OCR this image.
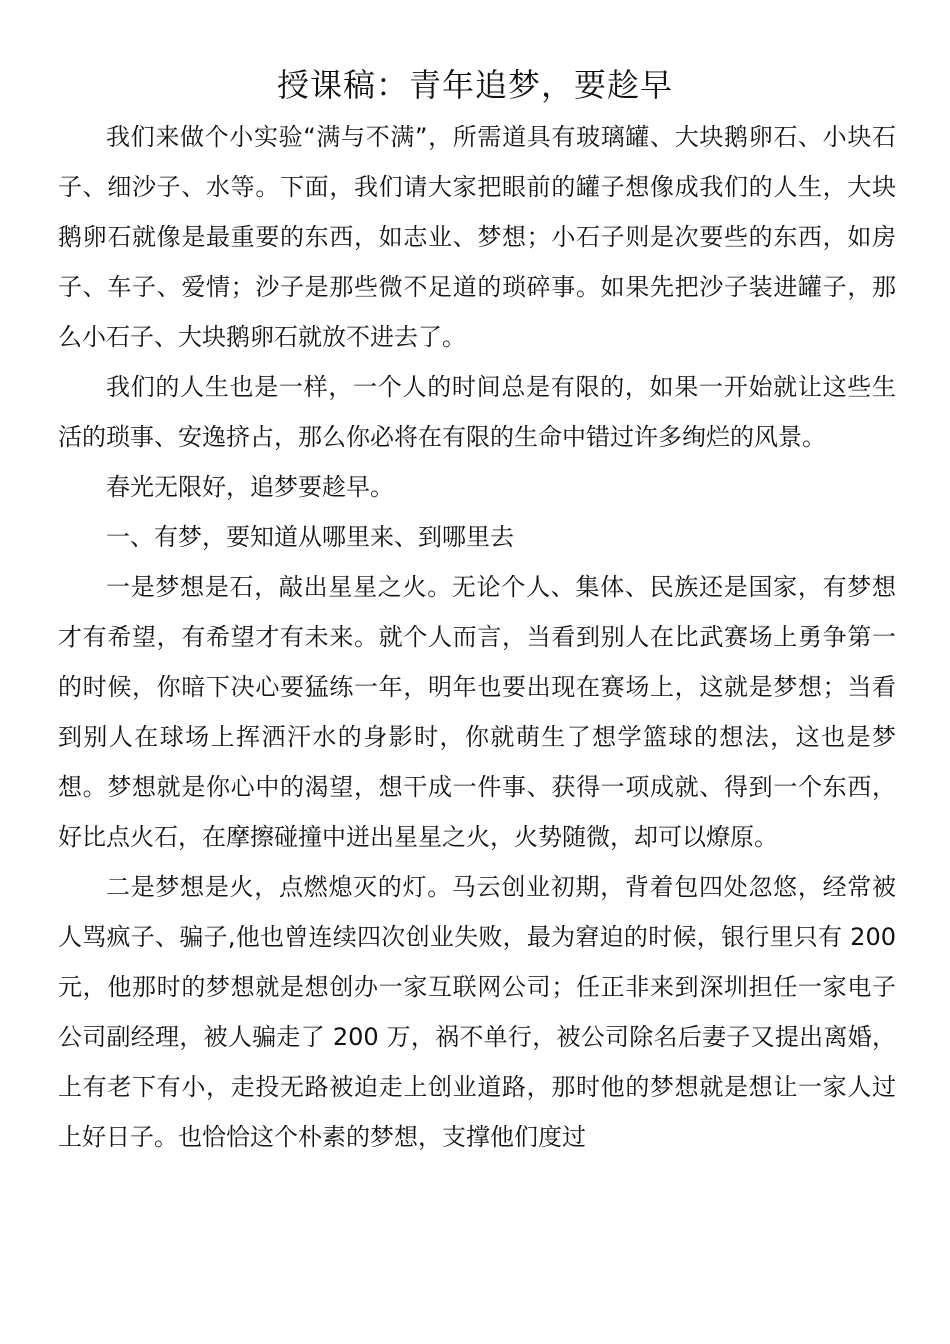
授课稿：青年追梦，要趁早

我们来做个小实验“满与不满”，所需道具有玻璃罐、大块鹅卵石、小块石子、细沙子、水等。下面，我们请大家把眼前的罐子想像成我们的人生，大块鹅卵石就像是最重要的东西，如志业、梦想；小石子则是次要些的东西，如房子、车子、爱情；沙子是那些微不足道的琐碎事。如果先把沙子装进罐子，那么小石子、大块鹅卵石就放不进去了。

我们的人生也是一样，一个人的时间总是有限的，如果一开始就让这些生活的琐事、安逸挤占，那么你必将在有限的生命中错过许多绚烂的风景。

春光无限好，追梦要趁早。

一、有梦，要知道从哪里来、到哪里去

一是梦想是石，敲出星星之火。无论个人、集体、民族还是国家，有梦想才有希望，有希望才有未来。就个人而言，当看到别人在比武赛场上勇争第一的时候，你暗下决心要猛练一年，明年也要出现在赛场上，这就是梦想；当看到别人在球场上挥洒汗水的身影时，你就萌生了想学篮球的想法，这也是梦想。梦想就是你心中的渴望，想干成一件事、获得一项成就、得到一个东西，好比点火石，在摩擦碰撞中迸出星星之火，火势随微，却可以燎原。

二是梦想是火，点燃熄灭的灯。马云创业初期，背着包四处忽悠，经常被人骂疯子、骗子,他也曾连续四次创业失败，最为窘迫的时候，银行里只有 200 元，他那时的梦想就是想创办一家互联网公司；任正非来到深圳担任一家电子公司副经理，被人骗走了 200 万，祸不单行，被公司除名后妻子又提出离婚，上有老下有小，走投无路被迫走上创业道路，那时他的梦想就是想让一家人过上好日子。也恰恰这个朴素的梦想，支撑他们度过
